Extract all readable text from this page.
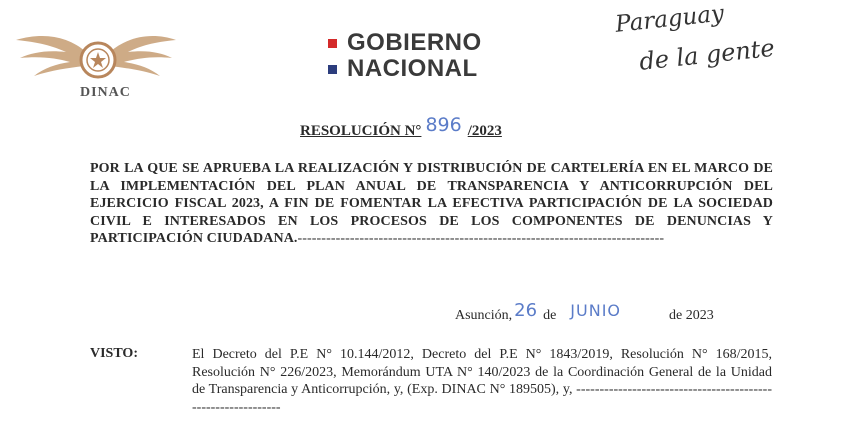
DINAC
GOBIERNO
NACIONAL
Paraguay
de la gente
RESOLUCIÓN N° 896 /2023
POR LA QUE SE APRUEBA LA REALIZACIÓN Y DISTRIBUCIÓN DE CARTELERÍA EN EL MARCO DE LA IMPLEMENTACIÓN DEL PLAN ANUAL DE TRANSPARENCIA Y ANTICORRUPCIÓN DEL EJERCICIO FISCAL 2023, A FIN DE FOMENTAR LA EFECTIVA PARTICIPACIÓN DE LA SOCIEDAD CIVIL E INTERESADOS EN LOS PROCESOS DE LOS COMPONENTES DE DENUNCIAS Y PARTICIPACIÓN CIUDADANA.-----------------------------------------------------------------------------
Asunción, 26 de JUNIO	de 2023
VISTO:	El Decreto del P.E N° 10.144/2012, Decreto del P.E N° 1843/2019, Resolución N° 168/2015, Resolución N° 226/2023, Memorándum UTA N° 140/2023 de la Coordinación General de la Unidad de Transparencia y Anticorrupción, y, (Exp. DINAC N° 189505), y, -------------------------------------------------------------
